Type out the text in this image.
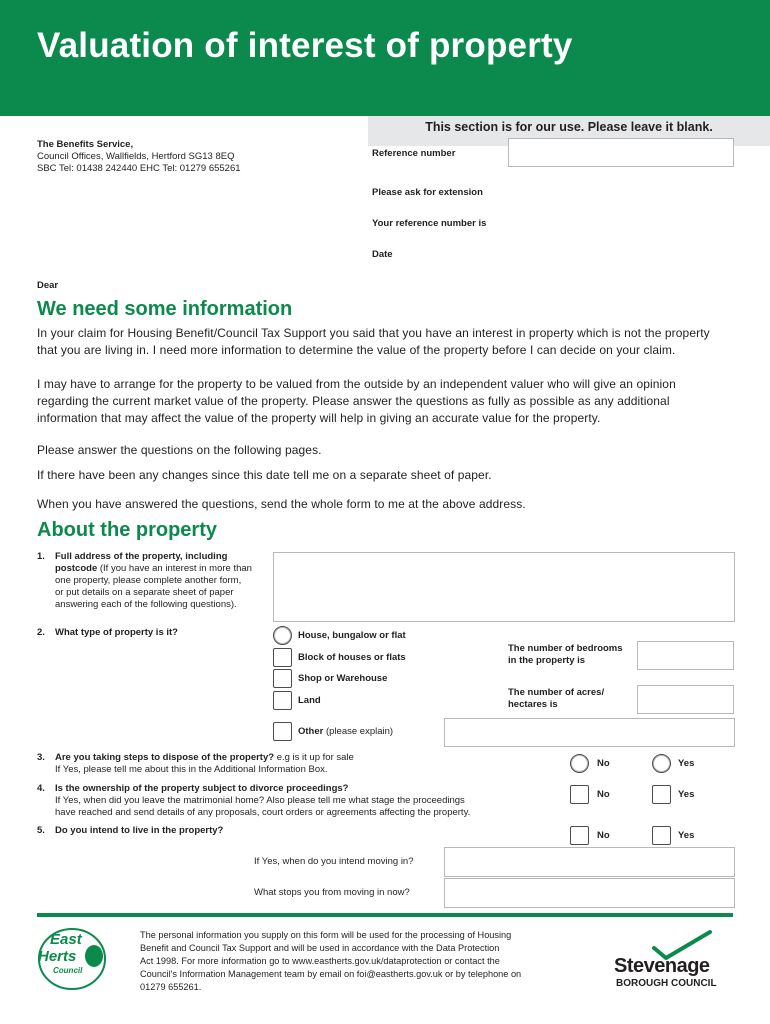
Valuation of interest of property
This section is for our use. Please leave it blank.
Reference number
Please ask for extension
Your reference number is
Date
The Benefits Service,
Council Offices, Wallfields, Hertford SG13 8EQ
SBC Tel: 01438 242440 EHC Tel: 01279 655261
Dear
We need some information
In your claim for Housing Benefit/Council Tax Support you said that you have an interest in property which is not the property
that you are living in. I need more information to determine the value of the property before I can decide on your claim.
I may have to arrange for the property to be valued from the outside by an independent valuer who will give an opinion
regarding the current market value of the property. Please answer the questions as fully as possible as any additional
information that may affect the value of the property will help in giving an accurate value for the property.
Please answer the questions on the following pages.
If there have been any changes since this date tell me on a separate sheet of paper.
When you have answered the questions, send the whole form to me at the above address.
About the property
1. Full address of the property, including
postcode (If you have an interest in more than
one property, please complete another form,
or put details on a separate sheet of paper
answering each of the following questions).
2. What type of property is it?	House, bungalow or flat
Block of houses or flats
Shop or Warehouse
Land
Other (please explain)
The number of bedrooms
in the property is
The number of acres/
hectares is
3. Are you taking steps to dispose of the property? e.g is it up for sale
If Yes, please tell me about this in the Additional Information Box.
No	Yes
4. Is the ownership of the property subject to divorce proceedings?
If Yes, when did you leave the matrimonial home? Also please tell me what stage the proceedings
have reached and send details of any proposals, court orders or agreements affecting the property.
No	Yes
5. Do you intend to live in the property?	No	Yes
If Yes, when do you intend moving in?
What stops you from moving in now?
East
Herts
Council
The personal information you supply on this form will be used for the processing of Housing
Benefit and Council Tax Support and will be used in accordance with the Data Protection
Act 1998. For more information go to www.eastherts.gov.uk/dataprotection or contact the
Council's Information Management team by email on foi@eastherts.gov.uk or by telephone on
01279 655261.
Stevenage
BOROUGH COUNCIL
